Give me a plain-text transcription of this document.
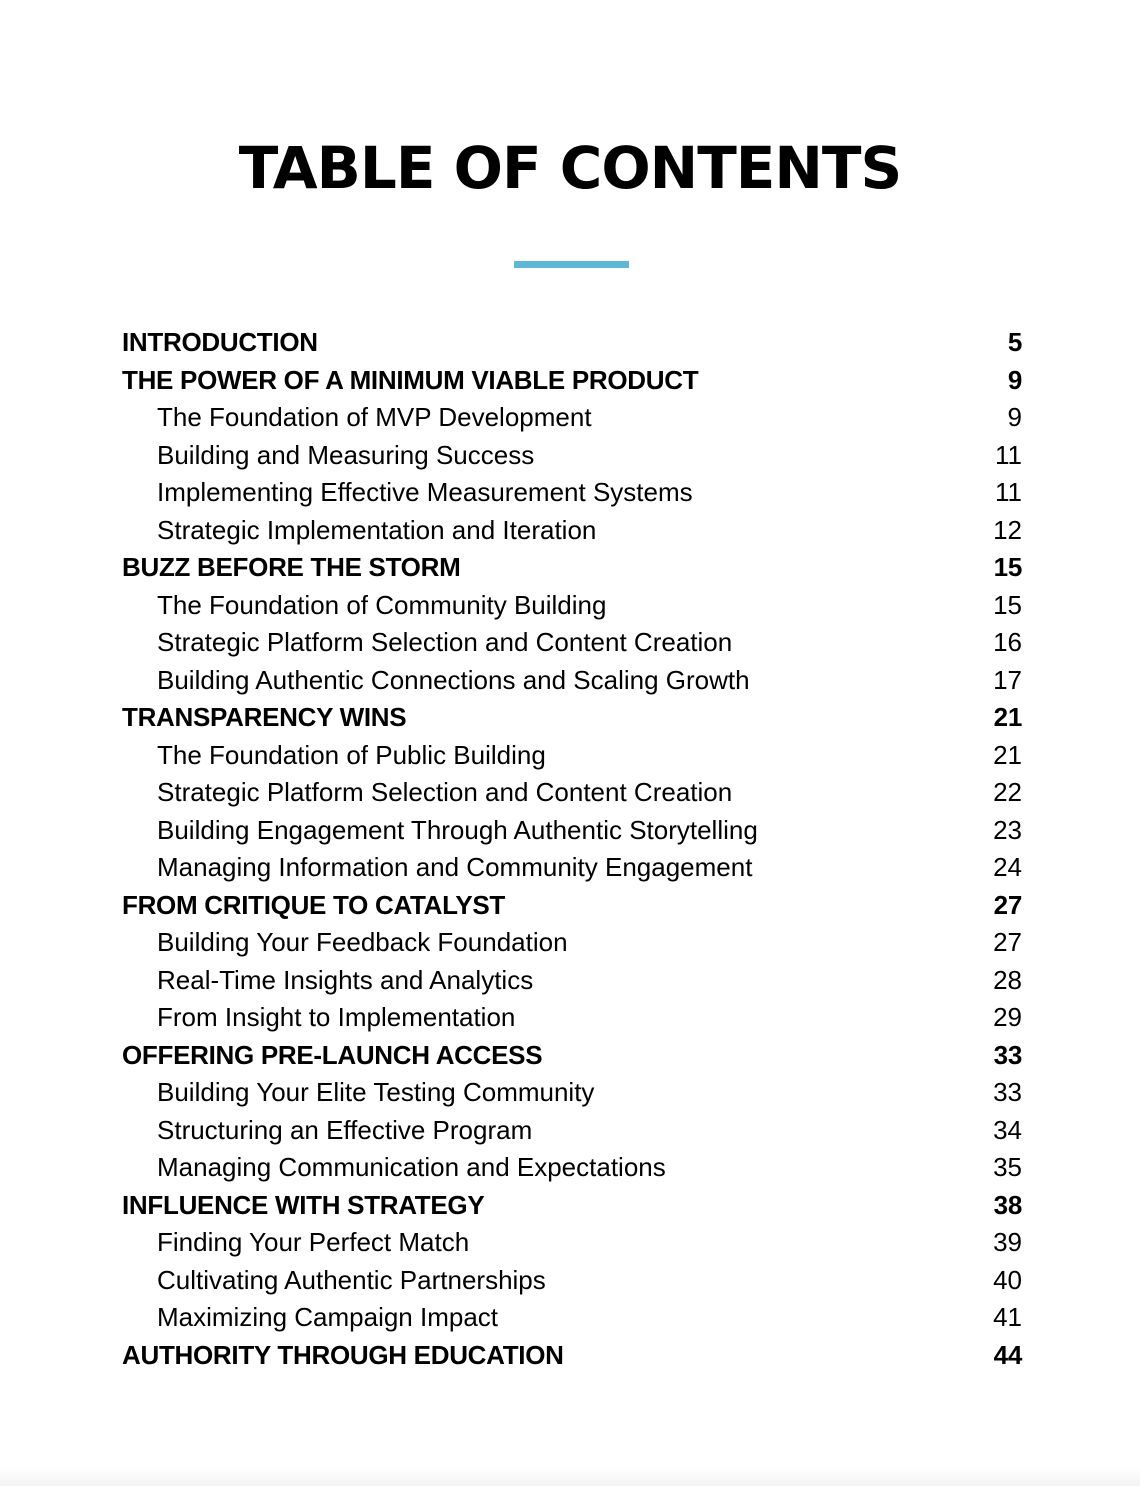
TABLE OF CONTENTS
INTRODUCTION	5
THE POWER OF A MINIMUM VIABLE PRODUCT	9
The Foundation of MVP Development	9
Building and Measuring Success	11
Implementing Effective Measurement Systems	11
Strategic Implementation and Iteration	12
BUZZ BEFORE THE STORM	15
The Foundation of Community Building	15
Strategic Platform Selection and Content Creation	16
Building Authentic Connections and Scaling Growth	17
TRANSPARENCY WINS	21
The Foundation of Public Building	21
Strategic Platform Selection and Content Creation	22
Building Engagement Through Authentic Storytelling	23
Managing Information and Community Engagement	24
FROM CRITIQUE TO CATALYST	27
Building Your Feedback Foundation	27
Real-Time Insights and Analytics	28
From Insight to Implementation	29
OFFERING PRE-LAUNCH ACCESS	33
Building Your Elite Testing Community	33
Structuring an Effective Program	34
Managing Communication and Expectations	35
INFLUENCE WITH STRATEGY	38
Finding Your Perfect Match	39
Cultivating Authentic Partnerships	40
Maximizing Campaign Impact	41
AUTHORITY THROUGH EDUCATION	44
